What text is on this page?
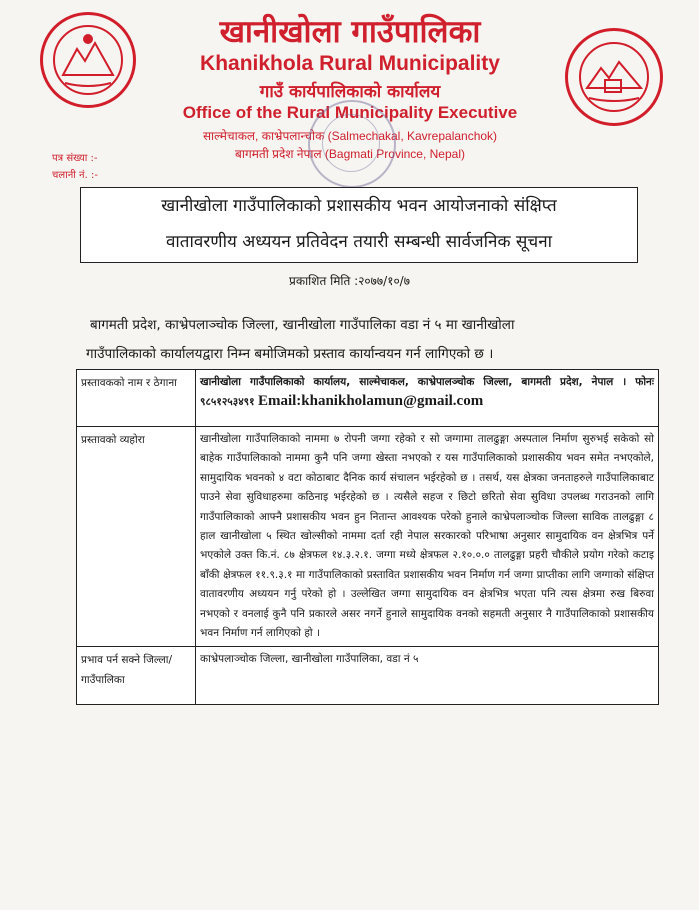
खानीखोला गाउँपालिका
Khanikhola Rural Municipality
गाउँ कार्यपालिकाको कार्यालय
Office of the Rural Municipality Executive
साल्मेचाकल, काभ्रेपलान्चोक (Salmechakal, Kavrepalanchok)
बागमती प्रदेश नेपाल (Bagmati Province, Nepal)
पत्र संख्या :-
चलानी नं. :-
खानीखोला गाउँपालिकाको प्रशासकीय भवन आयोजनाको संक्षिप्त
वातावरणीय अध्ययन प्रतिवेदन तयारी सम्बन्धी सार्वजनिक सूचना
प्रकाशित मिति :२०७७/१०/७
बागमती प्रदेश, काभ्रेपलाञ्चोक जिल्ला, खानीखोला गाउँपालिका वडा नं ५ मा खानीखोला
गाउँपालिकाको कार्यालयद्वारा निम्न बमोजिमको प्रस्ताव कार्यान्वयन गर्न लागिएको छ ।
प्रस्तावकको नाम र ठेगाना	खानीखोला गाउँपालिकाको कार्यालय, साल्मेचाकल, काभ्रेपालञ्चोक जिल्ला, बागमती प्रदेश, नेपाल । फोनः ९८५१२५३४९१ Email:khanikholamun@gmail.com
प्रस्तावको व्यहोरा	खानीखोला गाउँपालिकाको नाममा ७ रोपनी जग्गा रहेको र सो जग्गामा तालढुङ्गा अस्पताल निर्माण सुरुभई सकेको सो बाहेक गाउँपालिकाको नाममा कुनै पनि जग्गा खेस्ता नभएको र यस गाउँपालिकाको प्रशासकीय भवन समेत नभएकोले, सामुदायिक भवनको ४ वटा कोठाबाट दैनिक कार्य संचालन भईरहेको छ । तसर्थ, यस क्षेत्रका जनताहरुले गाउँपालिकाबाट पाउने सेवा सुविधाहरुमा कठिनाइ भईरहेको छ । त्यसैले सहज र छिटो छरितो सेवा सुविधा उपलब्ध गराउनको लागि गाउँपालिकाको आफ्नै प्रशासकीय भवन हुन नितान्त आवश्यक परेको हुनाले काभ्रेपलाञ्चोक जिल्ला साविक तालढुङ्गा ८ हाल खानीखोला ५ स्थित खोल्सीको नाममा दर्ता रही नेपाल सरकारको परिभाषा अनुसार सामुदायिक वन क्षेत्रभित्र पर्ने भएकोले उक्त कि.नं. ८७ क्षेत्रफल १४.३.२.१. जग्गा मध्ये क्षेत्रफल २.१०.०.० तालढुङ्गा प्रहरी चौकीले प्रयोग गरेको कटाइ बाँकी क्षेत्रफल ११.९.३.१ मा गाउँपालिकाको प्रस्तावित प्रशासकीय भवन निर्माण गर्न जग्गा प्राप्तीका लागि जग्गाको संक्षिप्त वातावरणीय अध्ययन गर्नु परेको हो । उल्लेखित जग्गा सामुदायिक वन क्षेत्रभित्र भएता पनि त्यस क्षेत्रमा रुख बिरुवा नभएको र वनलाई कुनै पनि प्रकारले असर नगर्ने हुनाले सामुदायिक वनको सहमती अनुसार नै गाउँपालिकाको प्रशासकीय भवन निर्माण गर्न लागिएको हो ।
प्रभाव पर्न सक्ने जिल्ला/ गाउँपालिका	काभ्रेपलाञ्चोक जिल्ला, खानीखोला गाउँपालिका, वडा नं ५
